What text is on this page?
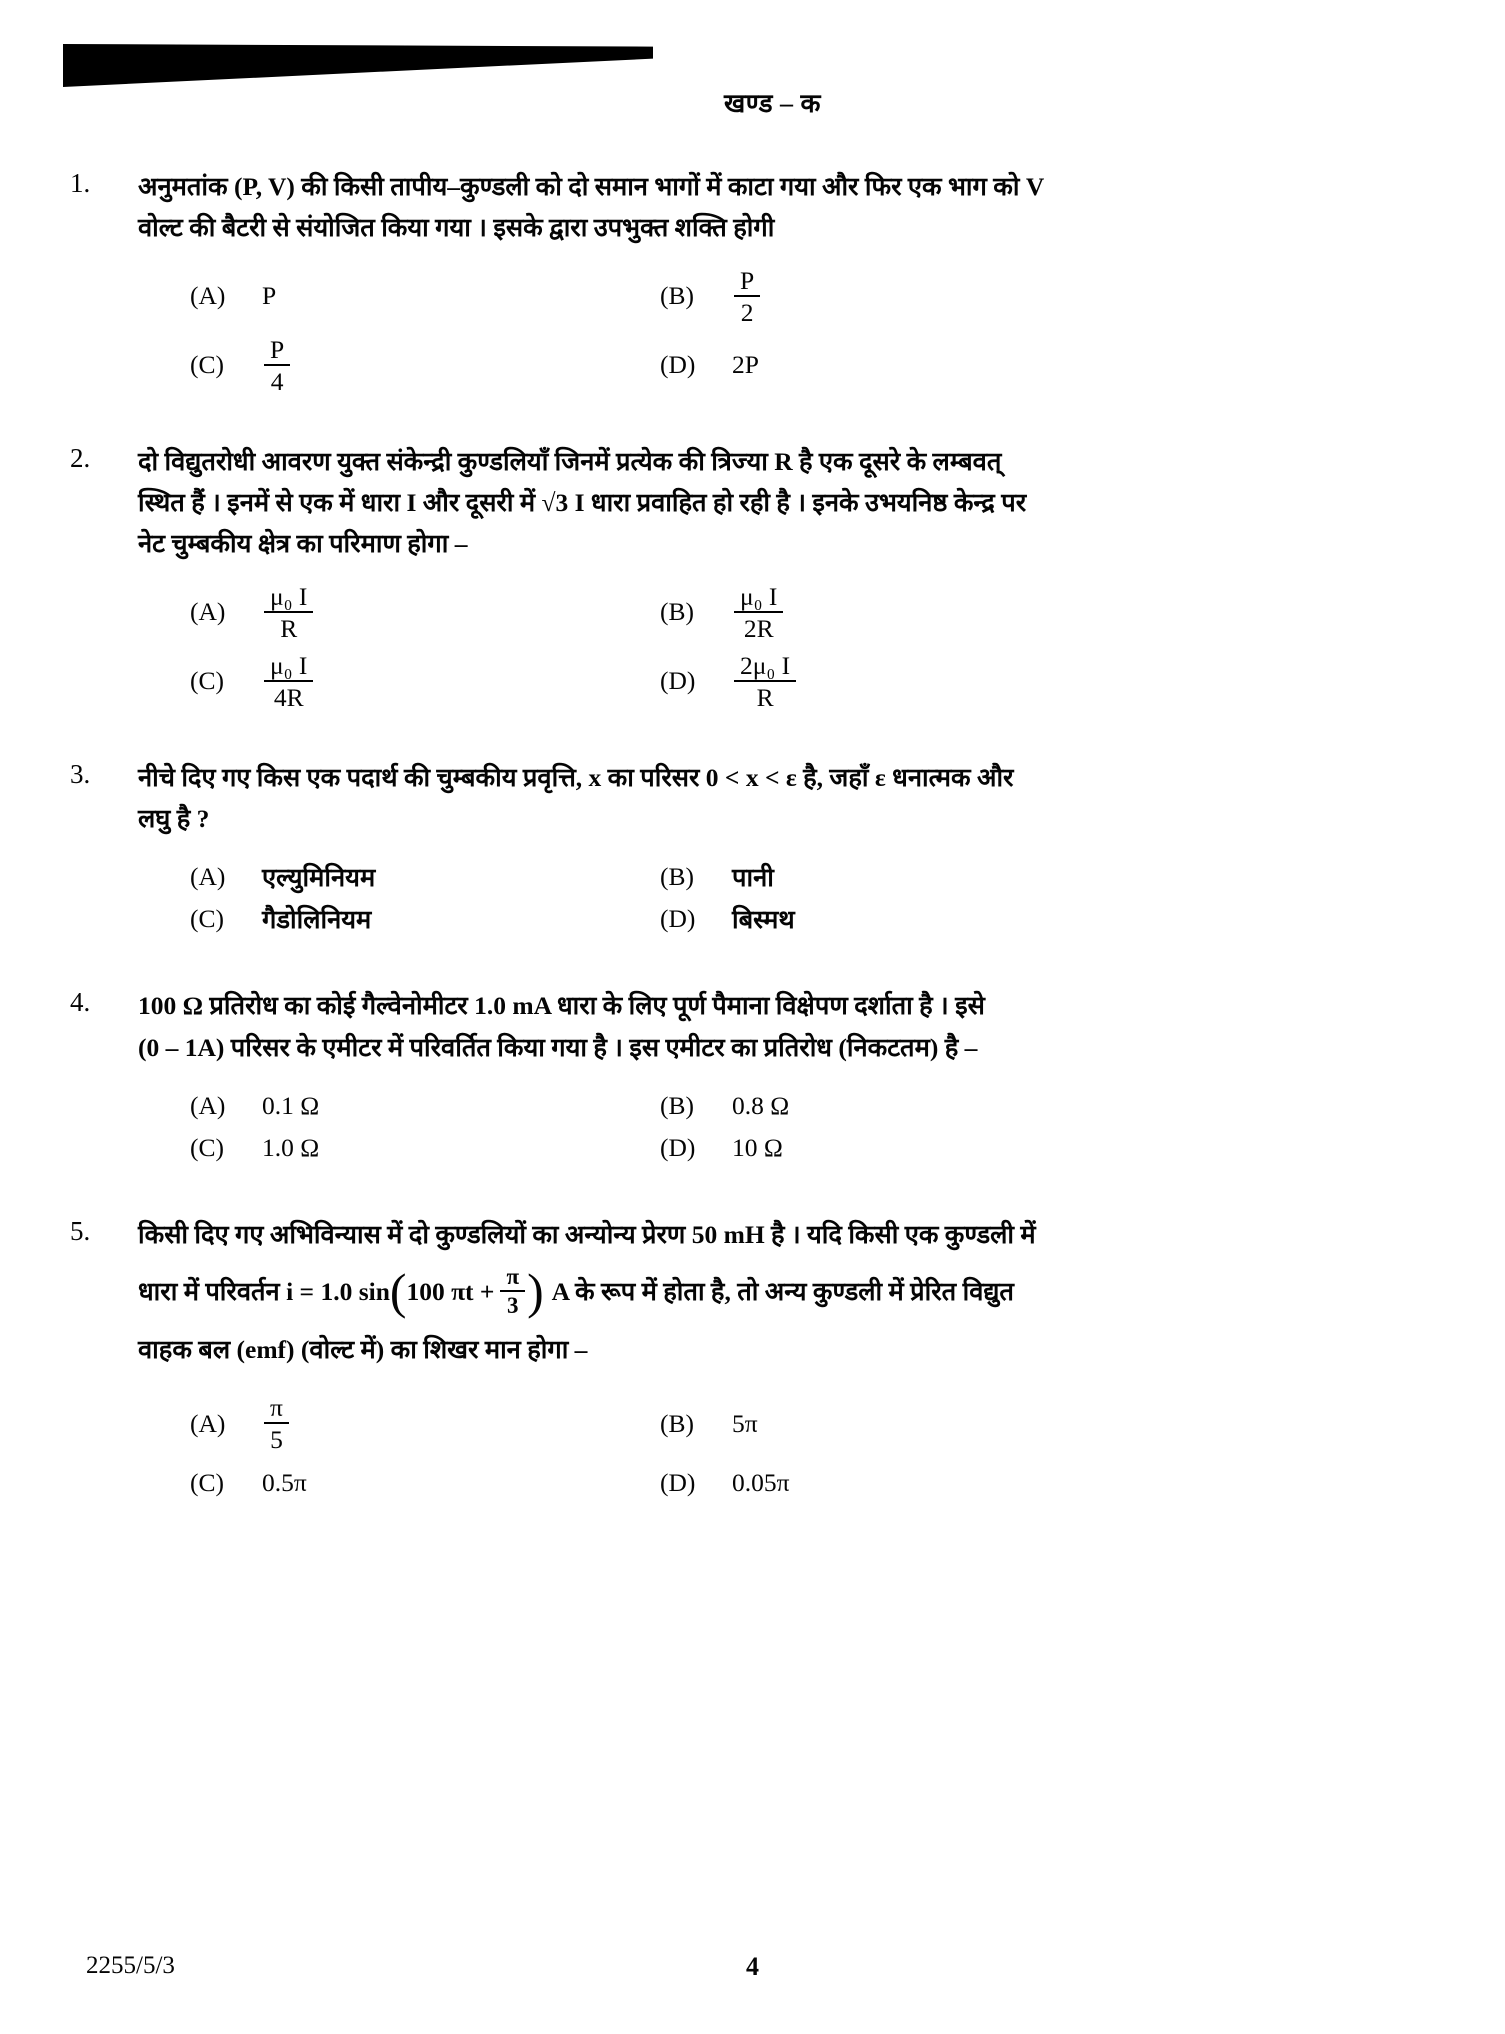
खण्ड – क
1.	अनुमतांक (P, V) की किसी तापीय–कुण्डली को दो समान भागों में काटा गया और फिर एक भाग को V
वोल्ट की बैटरी से संयोजित किया गया । इसके द्वारा उपभुक्त शक्ति होगी
(A)	P	(B)	$\frac{P}{2}$
(C)	$\frac{P}{4}$	(D)	2P
2.	दो विद्युतरोधी आवरण युक्त संकेन्द्री कुण्डलियाँ जिनमें प्रत्येक की त्रिज्या R है एक दूसरे के लम्बवत्
स्थित हैं । इनमें से एक में धारा I और दूसरी में √3 I धारा प्रवाहित हो रही है । इनके उभयनिष्ठ केन्द्र पर
नेट चुम्बकीय क्षेत्र का परिमाण होगा –
(A)	$\frac{\text{μ₀ I}}{R}$	(B)	$\frac{\text{μ₀ I}}{2R}$
(C)	$\frac{\text{μ₀ I}}{4R}$	(D)	$\frac{\text{2μ₀ I}}{R}$
3.	नीचे दिए गए किस एक पदार्थ की चुम्बकीय प्रवृत्ति, x का परिसर 0 < x < ε है, जहाँ ε धनात्मक और
लघु है ?
(A)	एल्युमिनियम	(B)	पानी
(C)	गैडोलिनियम	(D)	बिस्मथ
4.	100 Ω प्रतिरोध का कोई गैल्वेनोमीटर 1.0 mA धारा के लिए पूर्ण पैमाना विक्षेपण दर्शाता है । इसे
(0 – 1A) परिसर के एमीटर में परिवर्तित किया गया है । इस एमीटर का प्रतिरोध (निकटतम) है –
(A)	0.1 Ω	(B)	0.8 Ω
(C)	1.0 Ω	(D)	10 Ω
5.	किसी दिए गए अभिविन्यास में दो कुण्डलियों का अन्योन्य प्रेरण 50 mH है । यदि किसी एक कुण्डली में
धारा में परिवर्तन i = 1.0 sin ( 100 $\pi t + \frac{\pi}{3}$ ) A के रूप में होता है, तो अन्य कुण्डली में प्रेरित विद्युत
वाहक बल (emf) (वोल्ट में) का शिखर मान होगा –
(A)	$\frac{\pi}{5}$	(B)	5π
(C)	0.5π	(D)	0.05π
2255/5/3	4
